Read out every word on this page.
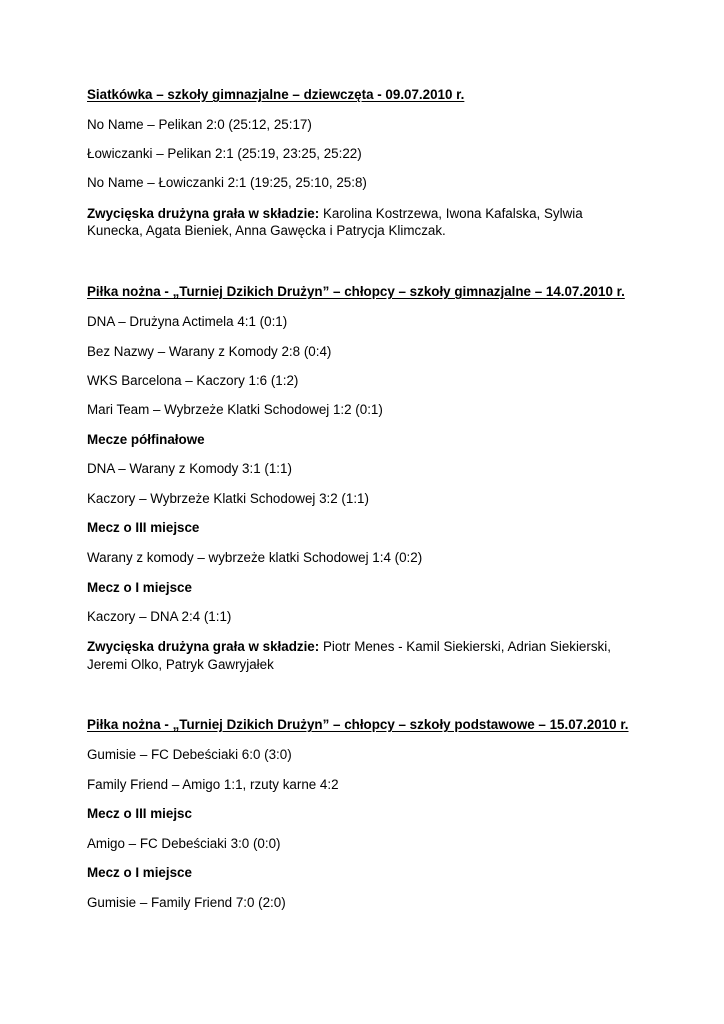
Siatkówka – szkoły gimnazjalne – dziewczęta - 09.07.2010 r.
No Name – Pelikan 2:0 (25:12, 25:17)
Łowiczanki – Pelikan 2:1 (25:19, 23:25, 25:22)
No Name – Łowiczanki 2:1 (19:25, 25:10, 25:8)
Zwycięska drużyna grała w składzie: Karolina Kostrzewa, Iwona Kafalska, Sylwia
Kunecka, Agata Bieniek, Anna Gawęcka i Patrycja Klimczak.
Piłka nożna - „Turniej Dzikich Drużyn” – chłopcy – szkoły gimnazjalne – 14.07.2010 r.
DNA – Drużyna Actimela 4:1 (0:1)
Bez Nazwy – Warany z Komody 2:8 (0:4)
WKS Barcelona – Kaczory 1:6 (1:2)
Mari Team – Wybrzeże Klatki Schodowej 1:2 (0:1)
Mecze półfinałowe
DNA – Warany z Komody 3:1 (1:1)
Kaczory – Wybrzeże Klatki Schodowej 3:2 (1:1)
Mecz o III miejsce
Warany z komody – wybrzeże klatki Schodowej 1:4 (0:2)
Mecz o I miejsce
Kaczory – DNA 2:4 (1:1)
Zwycięska drużyna grała w składzie: Piotr Menes - Kamil Siekierski, Adrian Siekierski,
Jeremi Olko, Patryk Gawryjałek
Piłka nożna - „Turniej Dzikich Drużyn” – chłopcy – szkoły podstawowe – 15.07.2010 r.
Gumisie – FC Debeściaki 6:0 (3:0)
Family Friend – Amigo 1:1, rzuty karne 4:2
Mecz o III miejsc
Amigo – FC Debeściaki 3:0 (0:0)
Mecz o I miejsce
Gumisie – Family Friend 7:0 (2:0)
